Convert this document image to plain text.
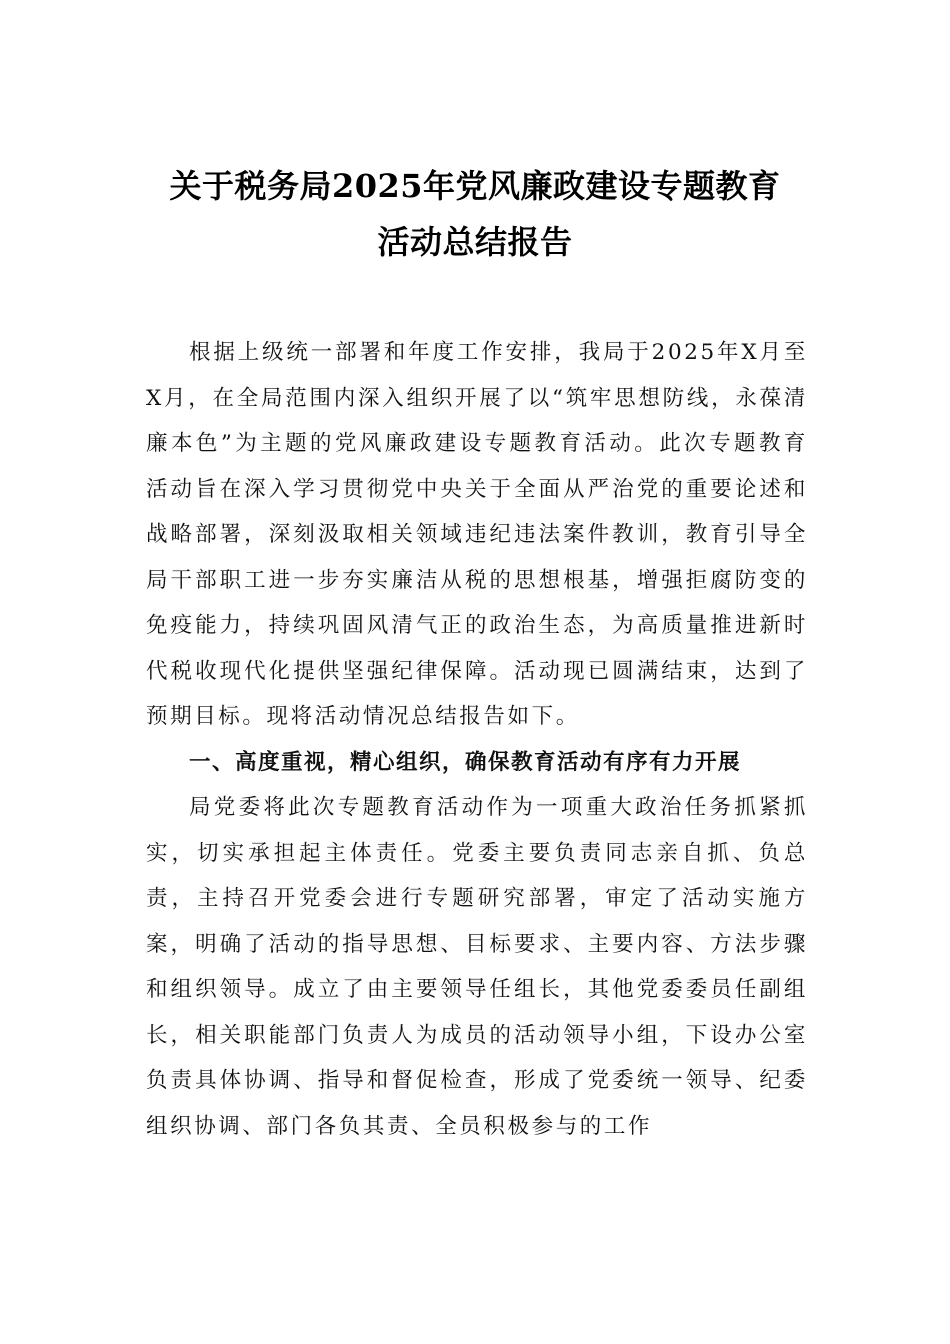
关于税务局2025年党风廉政建设专题教育
活动总结报告

根据上级统一部署和年度工作安排，我局于2025年X月至X月，在全局范围内深入组织开展了以“筑牢思想防线，永葆清廉本色”为主题的党风廉政建设专题教育活动。此次专题教育活动旨在深入学习贯彻党中央关于全面从严治党的重要论述和战略部署，深刻汲取相关领域违纪违法案件教训，教育引导全局干部职工进一步夯实廉洁从税的思想根基，增强拒腐防变的免疫能力，持续巩固风清气正的政治生态，为高质量推进新时代税收现代化提供坚强纪律保障。活动现已圆满结束，达到了预期目标。现将活动情况总结报告如下。

一、高度重视，精心组织，确保教育活动有序有力开展

局党委将此次专题教育活动作为一项重大政治任务抓紧抓实，切实承担起主体责任。党委主要负责同志亲自抓、负总责，主持召开党委会进行专题研究部署，审定了活动实施方案，明确了活动的指导思想、目标要求、主要内容、方法步骤和组织领导。成立了由主要领导任组长，其他党委委员任副组长，相关职能部门负责人为成员的活动领导小组，下设办公室负责具体协调、指导和督促检查，形成了党委统一领导、纪委组织协调、部门各负其责、全员积极参与的工作
